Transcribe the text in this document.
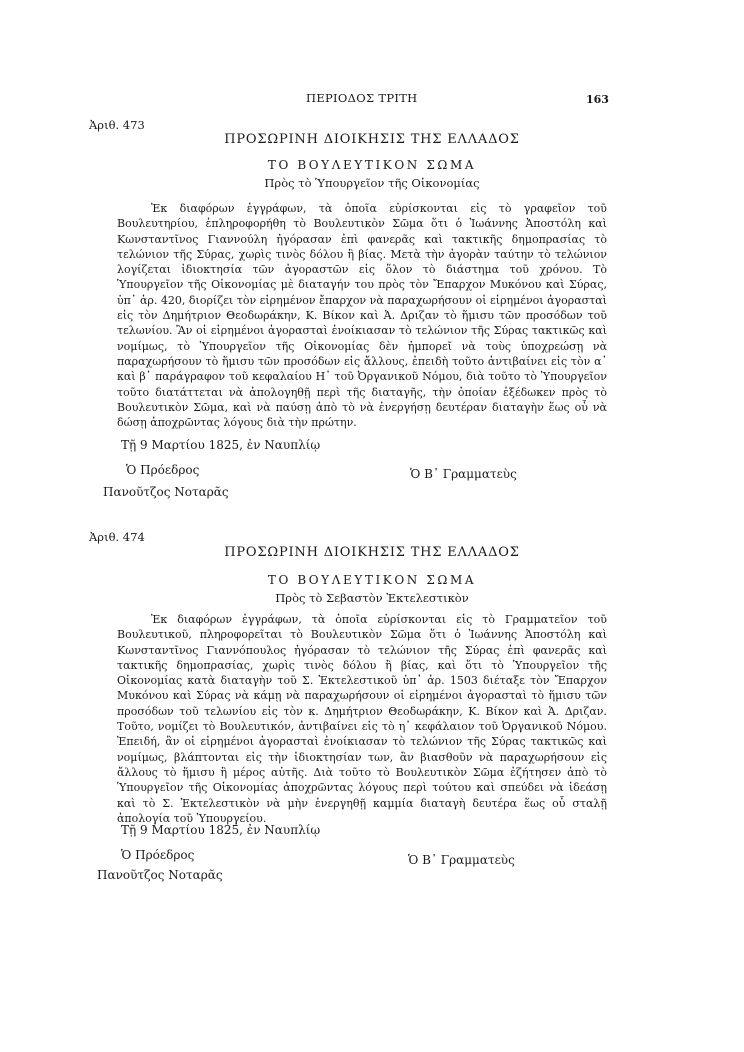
ΠΕΡΙΟΔΟΣ ΤΡΙΤΗ	163
Ἀριθ. 473
ΠΡΟΣΩΡΙΝΗ ΔΙΟΙΚΗΣΙΣ ΤΗΣ ΕΛΛΑΔΟΣ
ΤΟ ΒΟΥΛΕΥΤΙΚΟΝ ΣΩΜΑ
Πρὸς τὸ Ὑπουργεῖον τῆς Οἰκονομίας
Ἐκ διαφόρων ἐγγράφων, τὰ ὁποῖα εὑρίσκονται εἰς τὸ γραφεῖον τοῦ Βουλευτηρίου, ἐπληροφορήθη τὸ Βουλευτικὸν Σῶμα ὅτι ὁ Ἰωάννης Ἀποστόλη καὶ Κωνσταντῖνος Γιαννούλη ἠγόρασαν ἐπὶ φανερᾶς καὶ τακτικῆς δημοπρασίας τὸ τελώνιον τῆς Σύρας, χωρὶς τινὸς δόλου ἢ βίας. Μετὰ τὴν ἀγορὰν ταύτην τὸ τελώνιον λογίζεται ἰδιοκτησία τῶν ἀγοραστῶν εἰς ὅλον τὸ διάστημα τοῦ χρόνου. Τὸ Ὑπουργεῖον τῆς Οἰκονομίας μὲ διαταγήν του πρὸς τὸν Ἔπαρχον Μυκόνου καὶ Σύρας, ὑπ᾽ ἀρ. 420, διορίζει τὸν εἰρημένον ἔπαρχον νὰ παραχωρήσουν οἱ εἰρημένοι ἀγορασταὶ εἰς τὸν Δημήτριον Θεοδωράκην, Κ. Βίκον καὶ Ἀ. Δριζαν τὸ ἥμισυ τῶν προσόδων τοῦ τελωνίου. Ἂν οἱ εἰρημένοι ἀγορασταὶ ἐνοίκιασαν τὸ τελώνιον τῆς Σύρας τακτικῶς καὶ νομίμως, τὸ Ὑπουργεῖον τῆς Οἰκονομίας δὲν ἠμπορεῖ νὰ τοὺς ὑποχρεώσῃ νὰ παραχωρήσουν τὸ ἥμισυ τῶν προσόδων εἰς ἄλλους, ἐπειδὴ τοῦτο ἀντιβαίνει εἰς τὸν α᾽ καὶ β᾽ παράγραφον τοῦ κεφαλαίου Η᾽ τοῦ Ὀργανικοῦ Νόμου, διὰ τοῦτο τὸ Ὑπουργεῖον τοῦτο διατάττεται νὰ ἀπολογηθῇ περὶ τῆς διαταγῆς, τὴν ὁποίαν ἐξέδωκεν πρὸς τὸ Βουλευτικὸν Σῶμα, καὶ νὰ παύσῃ ἀπὸ τὸ νὰ ἐνεργήσῃ δευτέραν διαταγὴν ἕως οὗ νὰ δώσῃ ἀποχρῶντας λόγους διὰ τὴν πρώτην.
Τῇ 9 Μαρτίου 1825, ἐν Ναυπλίῳ
Ὁ Πρόεδρος	Ὁ Β᾽ Γραμματεὺς
Πανοῦτζος Νοταρᾶς
Ἀριθ. 474
ΠΡΟΣΩΡΙΝΗ ΔΙΟΙΚΗΣΙΣ ΤΗΣ ΕΛΛΑΔΟΣ
ΤΟ ΒΟΥΛΕΥΤΙΚΟΝ ΣΩΜΑ
Πρὸς τὸ Σεβαστὸν Ἐκτελεστικὸν
Ἐκ διαφόρων ἐγγράφων, τὰ ὁποῖα εὑρίσκονται εἰς τὸ Γραμματεῖον τοῦ Βουλευτικοῦ, πληροφορεῖται τὸ Βουλευτικὸν Σῶμα ὅτι ὁ Ἰωάννης Ἀποστόλη καὶ Κωνσταντῖνος Γιαννόπουλος ἠγόρασαν τὸ τελώνιον τῆς Σύρας ἐπὶ φανερᾶς καὶ τακτικῆς δημοπρασίας, χωρὶς τινὸς δόλου ἢ βίας, καὶ ὅτι τὸ Ὑπουργεῖον τῆς Οἰκονομίας κατὰ διαταγὴν τοῦ Σ. Ἐκτελεστικοῦ ὑπ᾽ ἀρ. 1503 διέταξε τὸν Ἔπαρχον Μυκόνου καὶ Σύρας νὰ κάμῃ νὰ παραχωρήσουν οἱ εἰρημένοι ἀγορασταὶ τὸ ἥμισυ τῶν προσόδων τοῦ τελωνίου εἰς τὸν κ. Δημήτριον Θεοδωράκην, Κ. Βίκον καὶ Ἀ. Δριζαν. Τοῦτο, νομίζει τὸ Βουλευτικόν, ἀντιβαίνει εἰς τὸ η᾽ κεφάλαιον τοῦ Ὀργανικοῦ Νόμου. Ἐπειδή, ἂν οἱ εἰρημένοι ἀγορασταὶ ἐνοίκιασαν τὸ τελώνιον τῆς Σύρας τακτικῶς καὶ νομίμως, βλάπτονται εἰς τὴν ἰδιοκτησίαν των, ἂν βιασθοῦν νὰ παραχωρήσουν εἰς ἄλλους τὸ ἥμισυ ἢ μέρος αὐτῆς. Διὰ τοῦτο τὸ Βουλευτικὸν Σῶμα ἐζήτησεν ἀπὸ τὸ Ὑπουργεῖον τῆς Οἰκονομίας ἀποχρῶντας λόγους περὶ τούτου καὶ σπεύδει νὰ ἰδεάσῃ καὶ τὸ Σ. Ἐκτελεστικὸν νὰ μὴν ἐνεργηθῇ καμμία διαταγὴ δευτέρα ἕως οὗ σταλῇ ἀπολογία τοῦ Ὑπουργείου.
Τῇ 9 Μαρτίου 1825, ἐν Ναυπλίῳ
Ὁ Πρόεδρος	Ὁ Β᾽ Γραμματεὺς
Πανοῦτζος Νοταρᾶς
